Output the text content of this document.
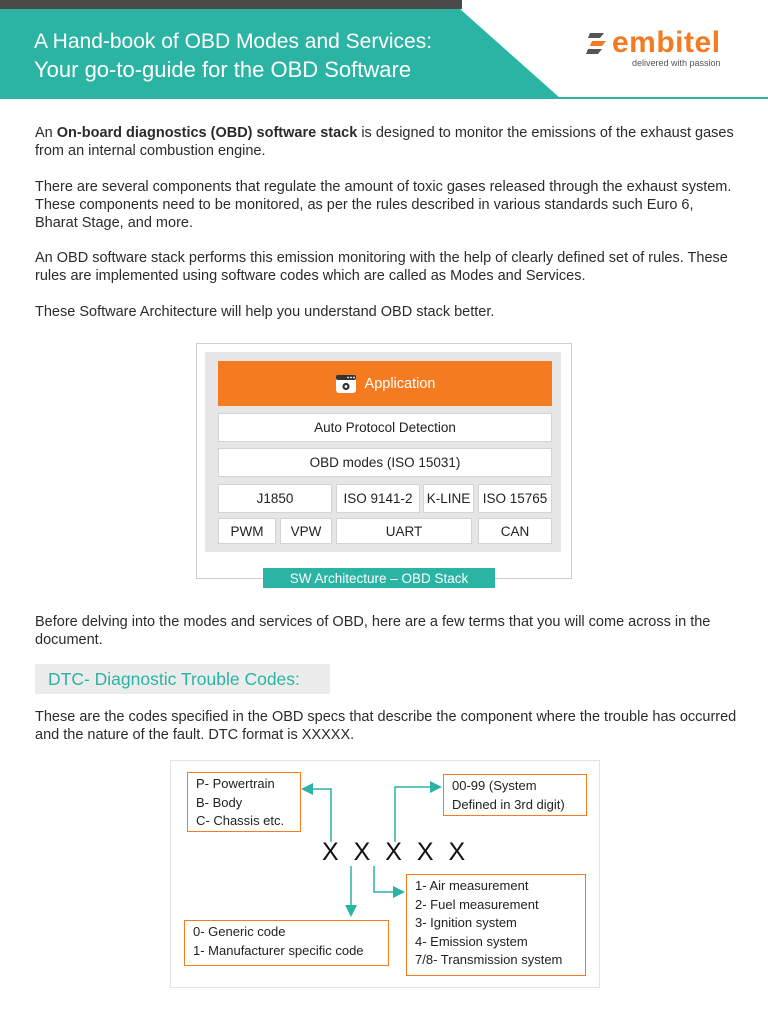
A Hand-book of OBD Modes and Services:
Your go-to-guide for the OBD Software
embitel
delivered with passion
An On-board diagnostics (OBD) software stack is designed to monitor the emissions of the exhaust gases from an internal combustion engine.
There are several components that regulate the amount of toxic gases released through the exhaust system. These components need to be monitored, as per the rules described in various standards such Euro 6, Bharat Stage, and more.
An OBD software stack performs this emission monitoring with the help of clearly defined set of rules. These rules are implemented using software codes which are called as Modes and Services.
These Software Architecture will help you understand OBD stack better.
Application
Auto Protocol Detection
OBD modes (ISO 15031)
J1850	ISO 9141-2	K-LINE ISO 15765
PWM	VPW	UART	CAN
SW Architecture – OBD Stack
Before delving into the modes and services of OBD, here are a few terms that you will come across in the document.
DTC- Diagnostic Trouble Codes:
These are the codes specified in the OBD specs that describe the component where the trouble has occurred and the nature of the fault. DTC format is XXXXX.
P- Powertrain
B- Body
C- Chassis etc.
00-99 (System
Defined in 3rd digit)
X X X X X
1- Air measurement
2- Fuel measurement
3- Ignition system
4- Emission system
7/8- Transmission system
0- Generic code
1- Manufacturer specific code
